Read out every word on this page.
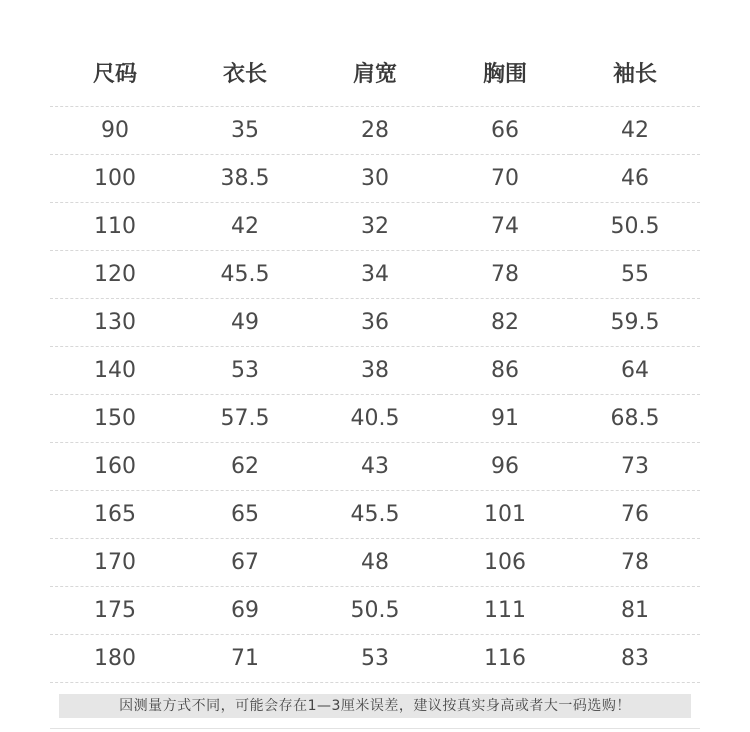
尺码	衣长	肩宽	胸围	袖长
90	35	28	66	42
100	38.5	30	70	46
110	42	32	74	50.5
120	45.5	34	78	55
130	49	36	82	59.5
140	53	38	86	64
150	57.5	40.5	91	68.5
160	62	43	96	73
165	65	45.5	101	76
170	67	48	106	78
175	69	50.5	111	81
180	71	53	116	83
因测量方式不同，可能会存在1—3厘米误差，建议按真实身高或者大一码选购！
